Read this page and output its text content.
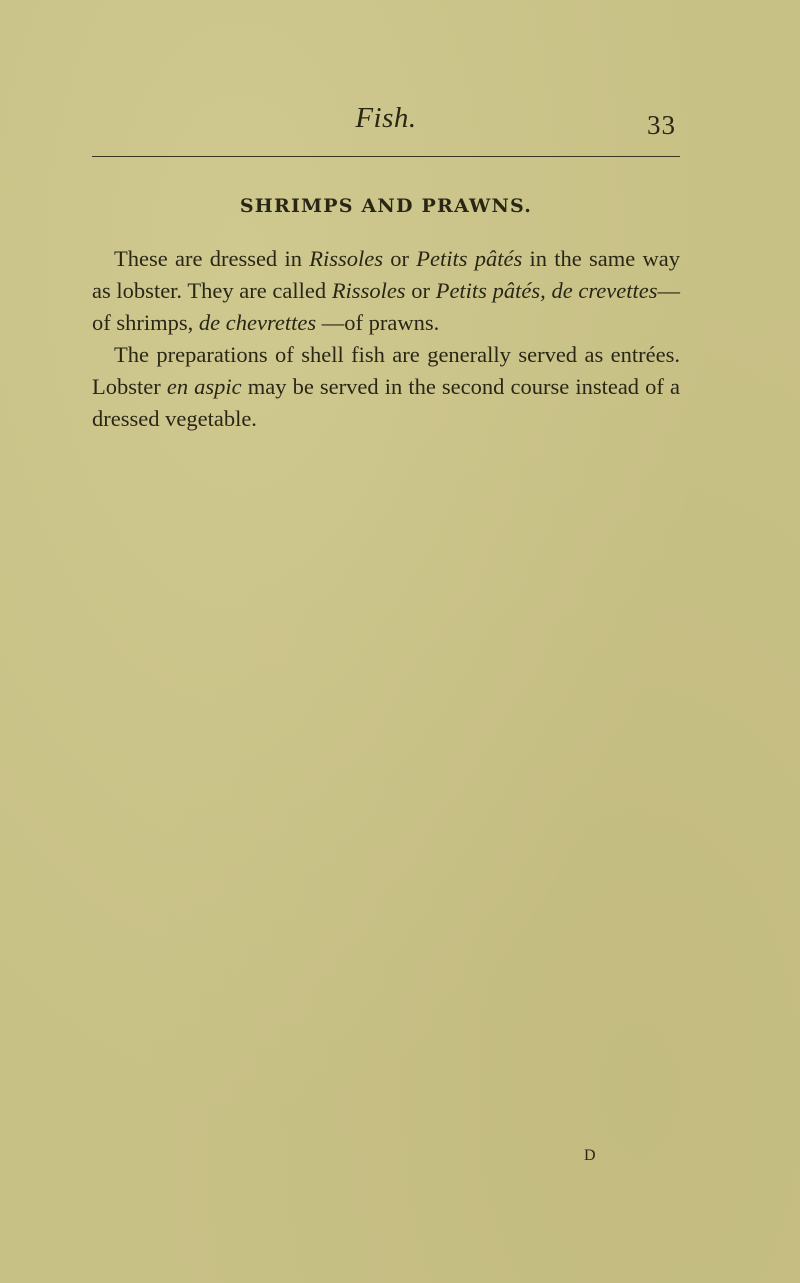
Fish.	33
SHRIMPS AND PRAWNS.

These are dressed in Rissoles or Petits pâtés in the same way as lobster. They are called Rissoles or Petits pâtés, de crevettes—of shrimps, de chevrettes —of prawns.

The preparations of shell fish are generally served as entrées. Lobster en aspic may be served in the second course instead of a dressed vegetable.

D
